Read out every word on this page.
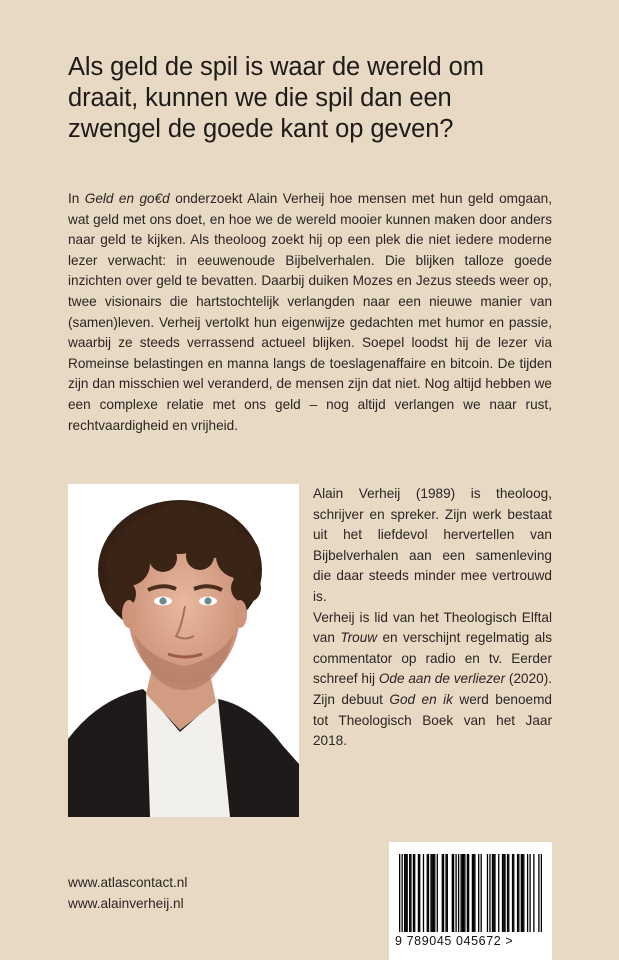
Als geld de spil is waar de wereld om
draait, kunnen we die spil dan een
zwengel de goede kant op geven?

In Geld en go€d onderzoekt Alain Verheij hoe mensen met hun geld omgaan, wat geld met ons doet, en hoe we de wereld mooier kunnen maken door anders naar geld te kijken. Als theoloog zoekt hij op een plek die niet iedere moderne lezer verwacht: in eeuwenoude Bijbelverhalen. Die blijken talloze goede inzichten over geld te bevatten. Daarbij duiken Mozes en Jezus steeds weer op, twee visionairs die hartstochtelijk verlangden naar een nieuwe manier van (samen)leven. Verheij vertolkt hun eigenwijze gedachten met humor en passie, waarbij ze steeds verrassend actueel blijken. Soepel loodst hij de lezer via Romeinse belastingen en manna langs de toeslagenaffaire en bitcoin. De tijden zijn dan misschien wel veranderd, de mensen zijn dat niet. Nog altijd hebben we een complexe relatie met ons geld – nog altijd verlangen we naar rust, rechtvaardigheid en vrijheid.

Alain Verheij (1989) is theoloog, schrijver en spreker. Zijn werk bestaat uit het liefdevol hervertellen van Bijbelverhalen aan een samenleving die daar steeds minder mee vertrouwd is.

Verheij is lid van het Theologisch Elftal van Trouw en verschijnt regelmatig als commentator op radio en tv. Eerder schreef hij Ode aan de verliezer (2020). Zijn debuut God en ik werd benoemd tot Theologisch Boek van het Jaar 2018.

www.atlascontact.nl
www.alainverheij.nl
9 789045 045672 >
